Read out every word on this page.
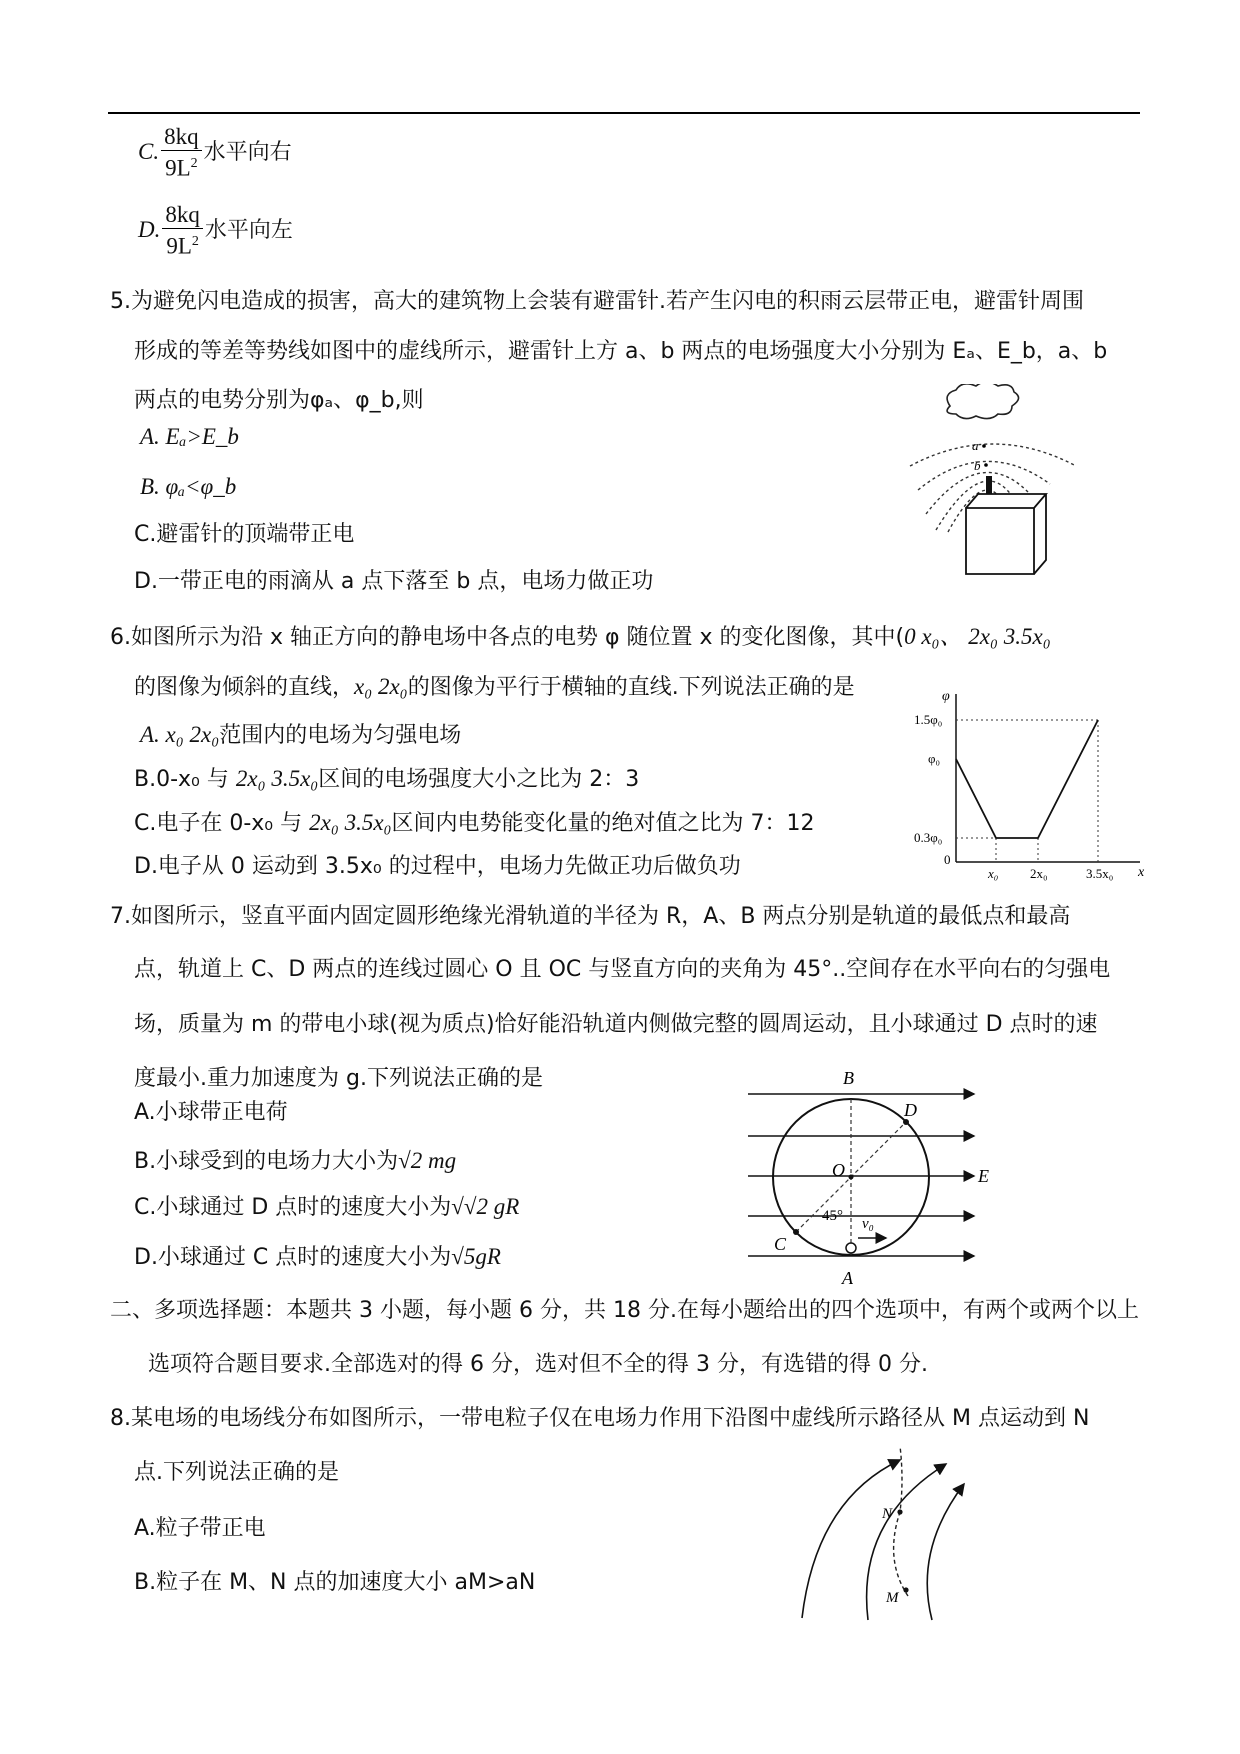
C. $\frac{8kq}{9L^2}$ 水平向右
D. $\frac{8kq}{9L^2}$ 水平向左
5.为避免闪电造成的损害，高大的建筑物上会装有避雷针.若产生闪电的积雨云层带正电，避雷针周围
形成的等差等势线如图中的虚线所示，避雷针上方 a、b 两点的电场强度大小分别为 Eₐ、E_b，a、b
两点的电势分别为φₐ、φ_b,则
A. Eₐ>E_b
B. φₐ<φ_b
C.避雷针的顶端带正电
D.一带正电的雨滴从 a 点下落至 b 点，电场力做正功
a
b
6.如图所示为沿 x 轴正方向的静电场中各点的电势 φ 随位置 x 的变化图像，其中(0 x₀、 2x₀ 3.5x₀
的图像为倾斜的直线，x₀ 2x₀的图像为平行于横轴的直线.下列说法正确的是
A. x₀ 2x₀范围内的电场为匀强电场
B.0-x₀ 与 2x₀ 3.5x₀区间的电场强度大小之比为 2：3
C.电子在 0-x₀ 与 2x₀ 3.5x₀区间内电势能变化量的绝对值之比为 7：12
D.电子从 0 运动到 3.5x₀ 的过程中，电场力先做正功后做负功
φ
x
1.5φ₀
φ₀
0.3φ₀
0
x₀ 2x₀	3.5x₀
7.如图所示，竖直平面内固定圆形绝缘光滑轨道的半径为 R，A、B 两点分别是轨道的最低点和最高
点，轨道上 C、D 两点的连线过圆心 O 且 OC 与竖直方向的夹角为 45°..空间存在水平向右的匀强电
场，质量为 m 的带电小球(视为质点)恰好能沿轨道内侧做完整的圆周运动，且小球通过 D 点时的速
度最小.重力加速度为 g.下列说法正确的是
A.小球带正电荷
B.小球受到的电场力大小为√2 mg
C.小球通过 D 点时的速度大小为√√2 gR
D.小球通过 C 点时的速度大小为√5gR
B
D
O	E
45° v₀
C
A
二、多项选择题：本题共 3 小题，每小题 6 分，共 18 分.在每小题给出的四个选项中，有两个或两个以上
选项符合题目要求.全部选对的得 6 分，选对但不全的得 3 分，有选错的得 0 分.
8.某电场的电场线分布如图所示，一带电粒子仅在电场力作用下沿图中虚线所示路径从 M 点运动到 N
点.下列说法正确的是
A.粒子带正电
B.粒子在 M、N 点的加速度大小 aM>aN
N
M
